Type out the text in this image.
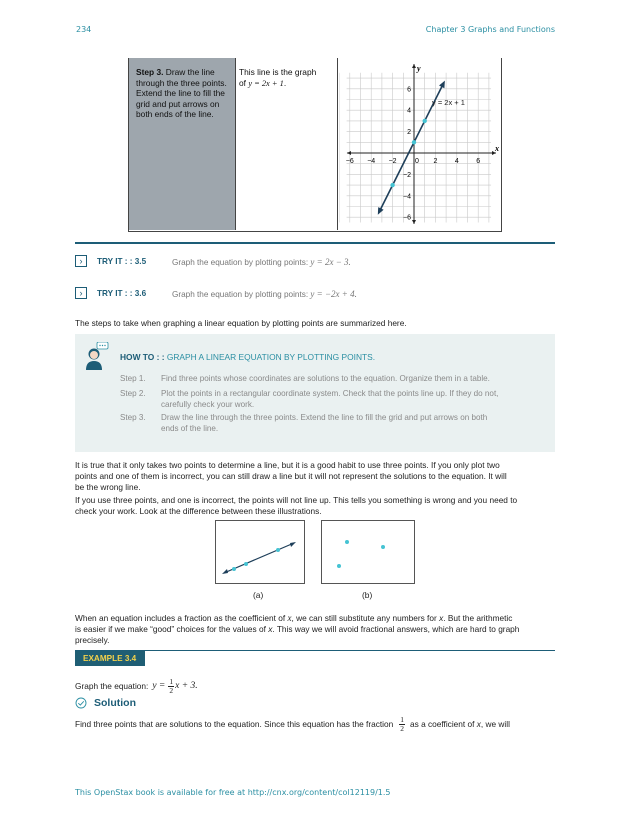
234	Chapter 3 Graphs and Functions
Step 3. Draw the line through the three points. Extend the line to fill the grid and put arrows on both ends of the line.
This line is the graph
of y = 2x + 1.
x
y
−6 −4 −2	0 2 4 6
6
4
2
−2
−4
−6
y = 2x + 1
›	TRY IT : : 3.5	Graph the equation by plotting points: y = 2x − 3.
›	TRY IT : : 3.6	Graph the equation by plotting points: y = −2x + 4.
The steps to take when graphing a linear equation by plotting points are summarized here.
HOW TO : : GRAPH A LINEAR EQUATION BY PLOTTING POINTS.
Step 1. Find three points whose coordinates are solutions to the equation. Organize them in a table.
Step 2. Plot the points in a rectangular coordinate system. Check that the points line up. If they do not,
carefully check your work.
Step 3. Draw the line through the three points. Extend the line to fill the grid and put arrows on both
ends of the line.
It is true that it only takes two points to determine a line, but it is a good habit to use three points. If you only plot two
points and one of them is incorrect, you can still draw a line but it will not represent the solutions to the equation. It will
be the wrong line.
If you use three points, and one is incorrect, the points will not line up. This tells you something is wrong and you need to
check your work. Look at the difference between these illustrations.
(a)	(b)
When an equation includes a fraction as the coefficient of x, we can still substitute any numbers for x. But the arithmetic
is easier if we make “good” choices for the values of x. This way we will avoid fractional answers, which are hard to graph
precisely.
EXAMPLE 3.4
Graph the equation: $y = \frac{1}{2}$ x + 3.
Solution
Find three points that are solutions to the equation. Since this equation has the fraction $\frac{1}{2}$ as a coefficient of
x , we will
This OpenStax book is available for free at http://cnx.org/content/col12119/1.5
